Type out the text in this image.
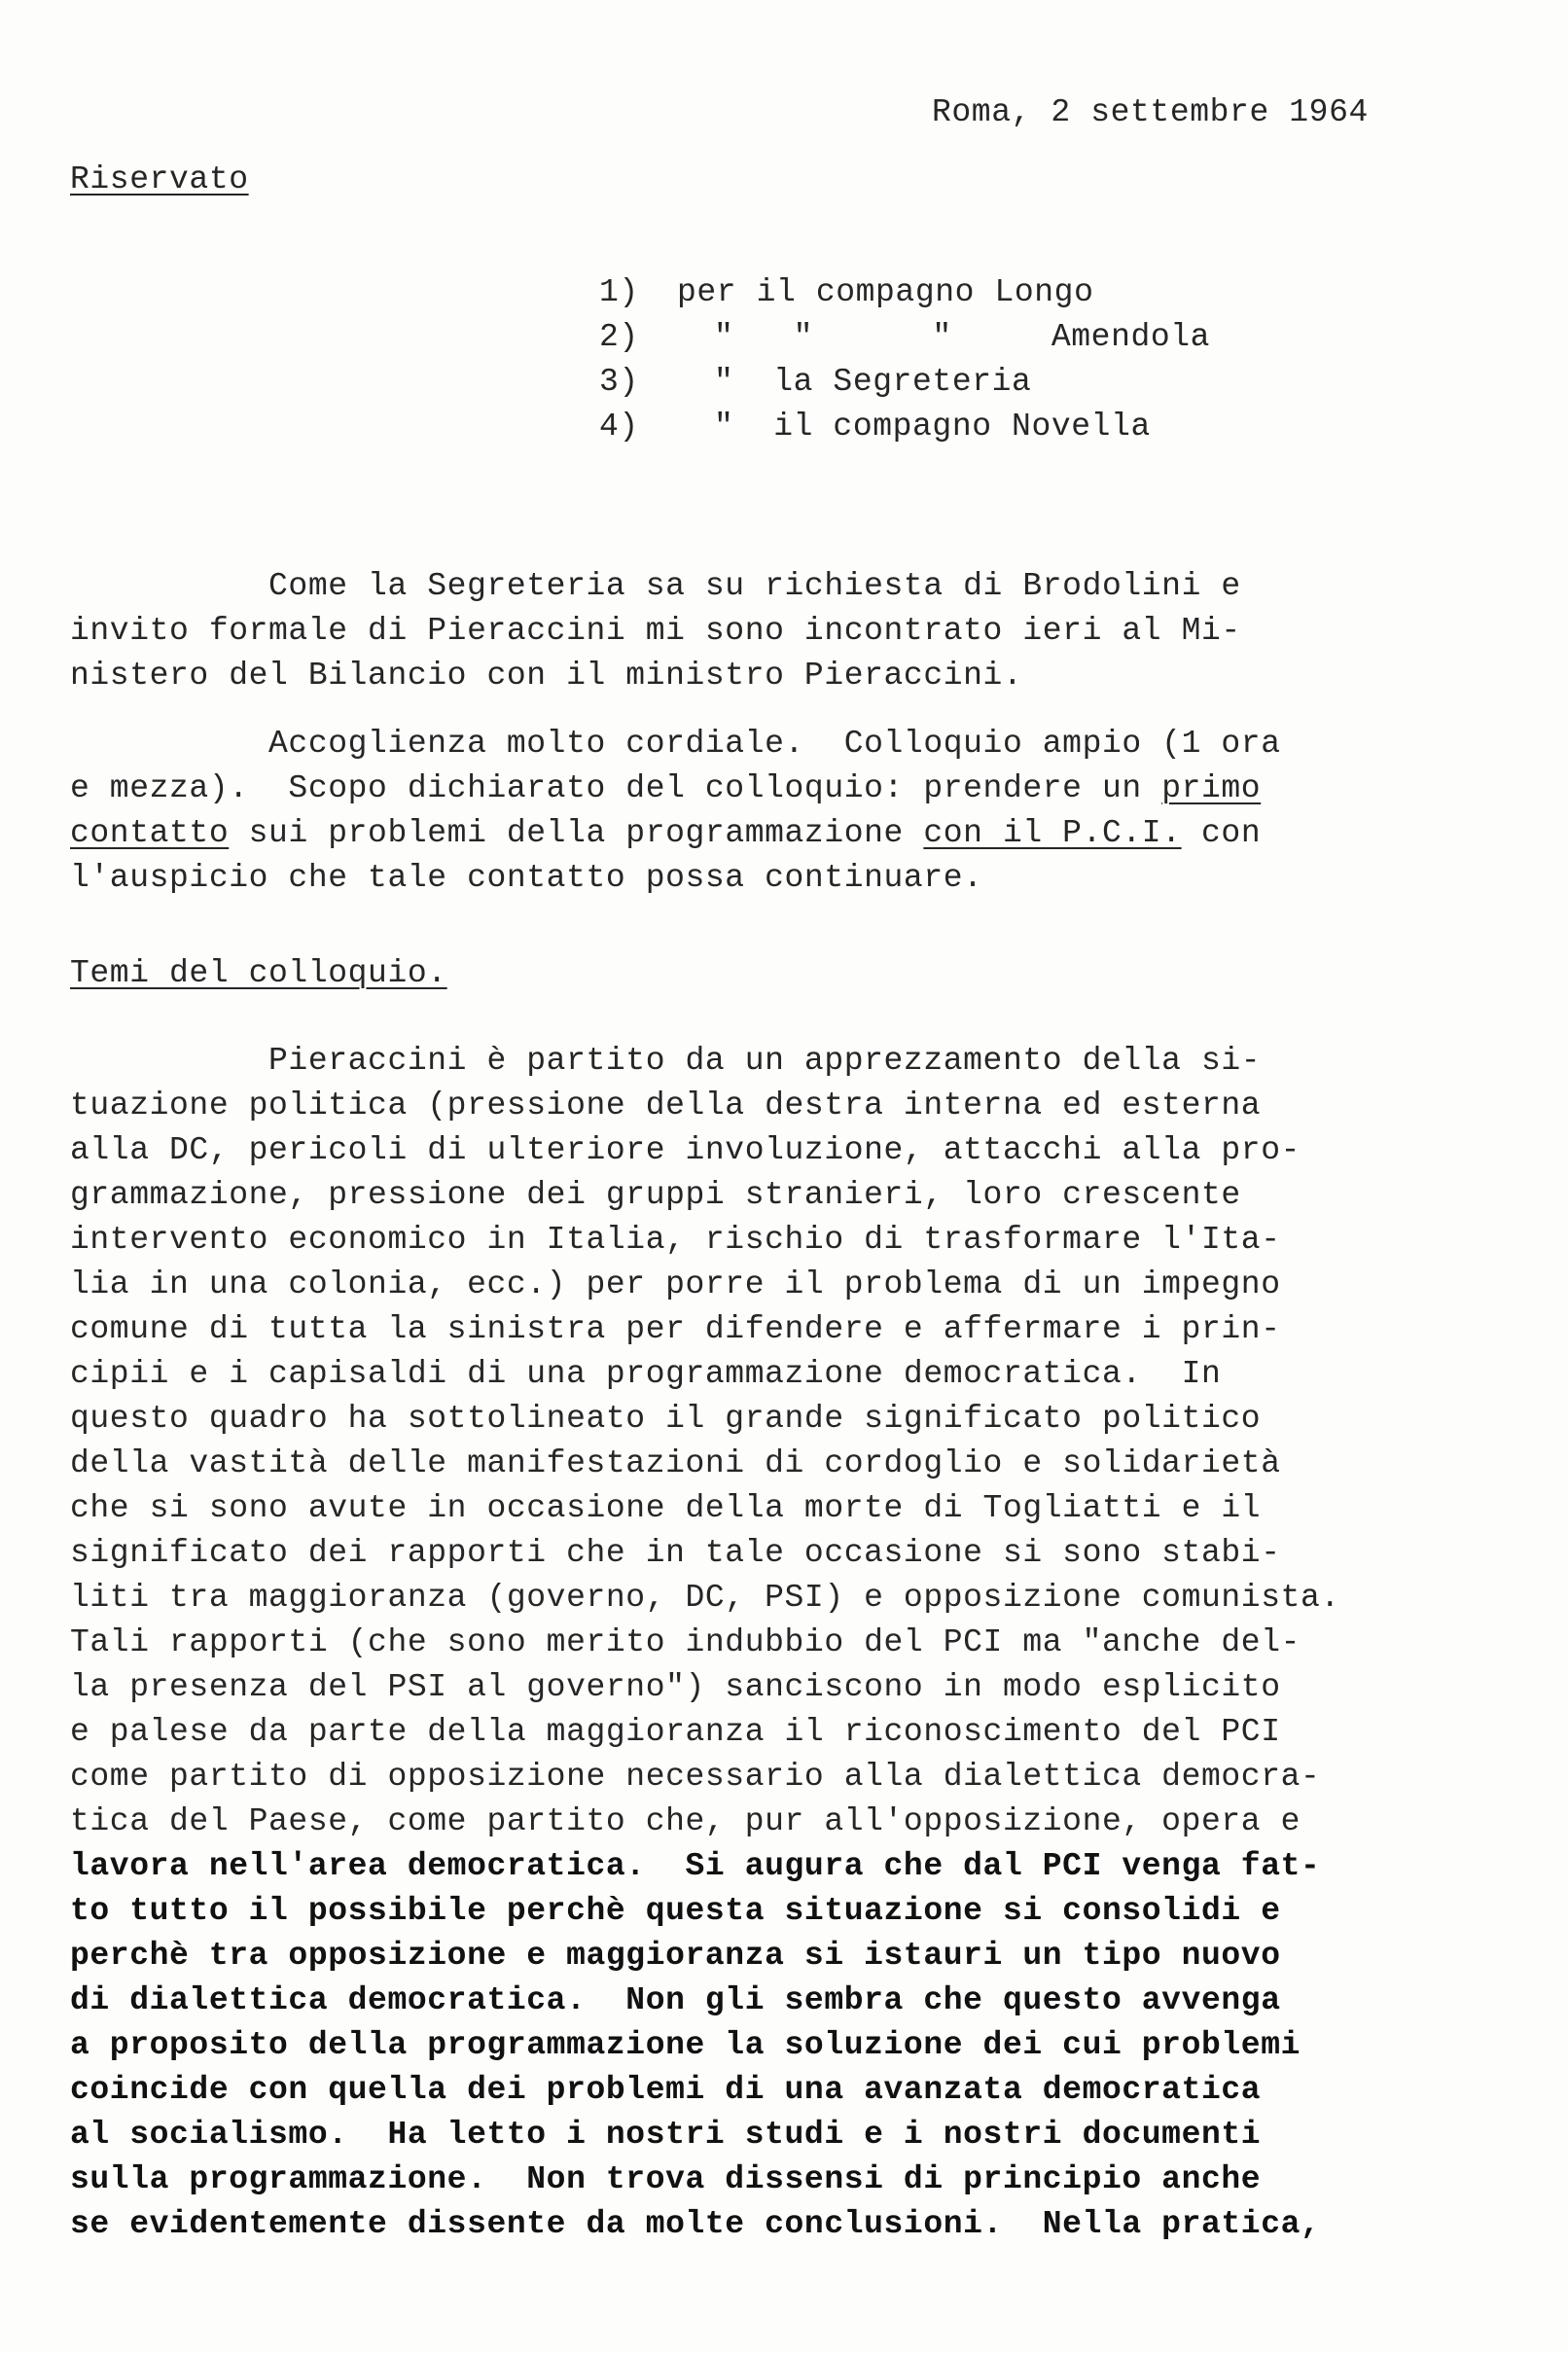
Roma, 2 settembre 1964
Riservato
1) per il compagno Longo
2) "   "      "     Amendola
3) "  la Segreteria
4) "  il compagno Novella
Come la Segreteria sa su richiesta di Brodolini e
invito formale di Pieraccini mi sono incontrato ieri al Mi-
nistero del Bilancio con il ministro Pieraccini.
Accoglienza molto cordiale.  Colloquio ampio (1 ora
e mezza).  Scopo dichiarato del colloquio: prendere un primo
contatto sui problemi della programmazione con il P.C.I. con
l'auspicio che tale contatto possa continuare.
Temi del colloquio.
Pieraccini è partito da un apprezzamento della si-
tuazione politica (pressione della destra interna ed esterna
alla DC, pericoli di ulteriore involuzione, attacchi alla pro-
grammazione, pressione dei gruppi stranieri, loro crescente
intervento economico in Italia, rischio di trasformare l'Ita-
lia in una colonia, ecc.) per porre il problema di un impegno
comune di tutta la sinistra per difendere e affermare i prin-
cipii e i capisaldi di una programmazione democratica.  In
questo quadro ha sottolineato il grande significato politico
della vastità delle manifestazioni di cordoglio e solidarietà
che si sono avute in occasione della morte di Togliatti e il
significato dei rapporti che in tale occasione si sono stabi-
liti tra maggioranza (governo, DC, PSI) e opposizione comunista.
Tali rapporti (che sono merito indubbio del PCI ma "anche del-
la presenza del PSI al governo") sanciscono in modo esplicito
e palese da parte della maggioranza il riconoscimento del PCI
come partito di opposizione necessario alla dialettica democra-
tica del Paese, come partito che, pur all'opposizione, opera e
lavora nell'area democratica.  Si augura che dal PCI venga fat-
to tutto il possibile perchè questa situazione si consolidi e
perchè tra opposizione e maggioranza si istauri un tipo nuovo
di dialettica democratica.  Non gli sembra che questo avvenga
a proposito della programmazione la soluzione dei cui problemi
coincide con quella dei problemi di una avanzata democratica
al socialismo.  Ha letto i nostri studi e i nostri documenti
sulla programmazione.  Non trova dissensi di principio anche
se evidentemente dissente da molte conclusioni.  Nella pratica,
